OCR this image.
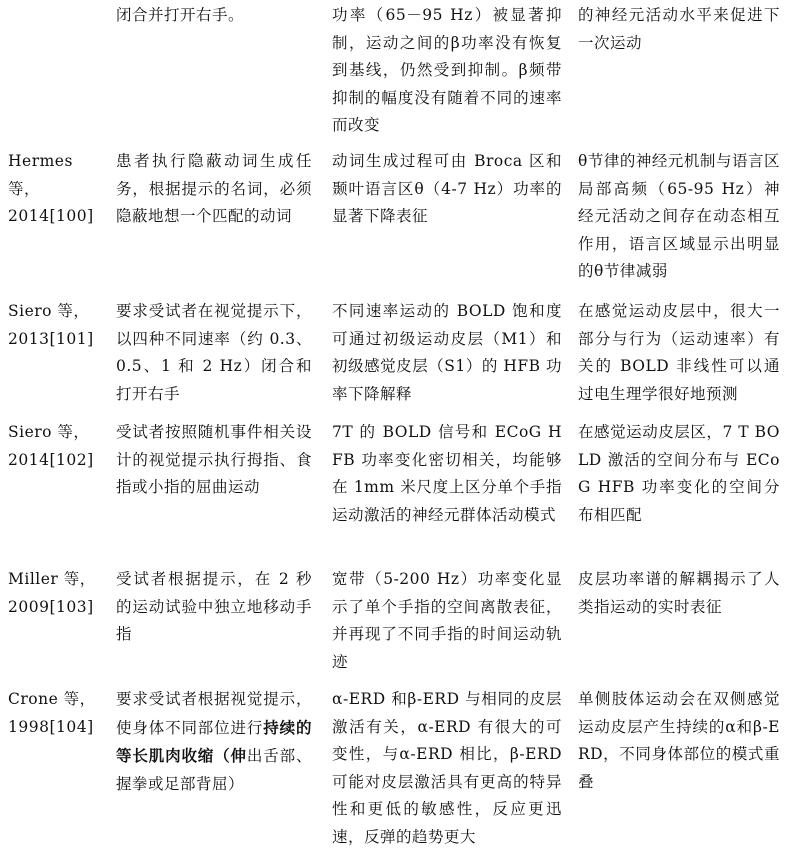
闭合并打开右手。	功率（65－95 Hz）被显著抑制，运动之间的β功率没有恢复到基线，仍然受到抑制。β频带抑制的幅度没有随着不同的速率而改变
的神经元活动水平来促进下一次运动
Hermes 等，
2014[100]
患者执行隐蔽动词生成任务，根据提示的名词，必须隐蔽地想一个匹配的动词
动词生成过程可由 Broca 区和颞叶语言区θ（4-7 Hz）功率的显著下降表征
θ节律的神经元机制与语言区局部高频（65-95 Hz）神经元活动之间存在动态相互作用，语言区域显示出明显的θ节律减弱
Siero 等，
2013[101]
要求受试者在视觉提示下，以四种不同速率（约 0.3、0.5、1 和 2 Hz）闭合和打开右手
不同速率运动的 BOLD 饱和度可通过初级运动皮层（M1）和初级感觉皮层（S1）的 HFB 功率下降解释
在感觉运动皮层中，很大一部分与行为（运动速率）有关的 BOLD 非线性可以通过电生理学很好地预测
Siero 等，
2014[102]
受试者按照随机事件相关设计的视觉提示执行拇指、食指或小指的屈曲运动
7T 的 BOLD 信号和 ECoG HFB 功率变化密切相关，均能够在 1mm 米尺度上区分单个手指运动激活的神经元群体活动模式
在感觉运动皮层区，7 T BOLD 激活的空间分布与 ECoG HFB 功率变化的空间分布相匹配
Miller 等，
2009[103]
受试者根据提示，在 2 秒的运动试验中独立地移动手指
宽带（5-200 Hz）功率变化显示了单个手指的空间离散表征，并再现了不同手指的时间运动轨迹
皮层功率谱的解耦揭示了人类指运动的实时表征
Crone 等，
1998[104]
要求受试者根据视觉提示，使身体不同部位进行持续的等长肌肉收缩（伸出舌部、握拳或足部背屈）
α-ERD 和β-ERD 与相同的皮层激活有关，α-ERD 有很大的可变性，与α-ERD 相比，β-ERD 可能对皮层激活具有更高的特异性和更低的敏感性，反应更迅速，反弹的趋势更大
单侧肢体运动会在双侧感觉运动皮层产生持续的α和β-ERD，不同身体部位的模式重叠
